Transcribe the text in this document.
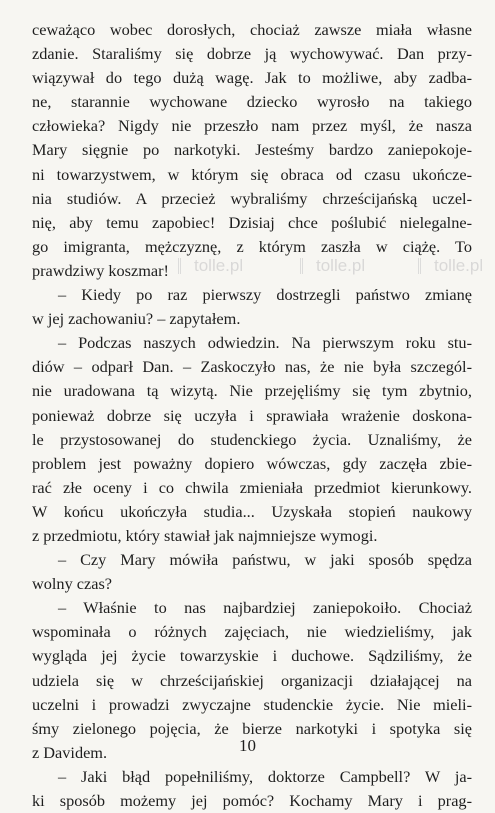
ceważąco wobec dorosłych, chociaż zawsze miała własne
zdanie. Staraliśmy się dobrze ją wychowywać. Dan przy-
wiązywał do tego dużą wagę. Jak to możliwe, aby zadba-
ne, starannie wychowane dziecko wyrosło na takiego
człowieka? Nigdy nie przeszło nam przez myśl, że nasza
Mary sięgnie po narkotyki. Jesteśmy bardzo zaniepokoje-
ni towarzystwem, w którym się obraca od czasu ukończe-
nia studiów. A przecież wybraliśmy chrześcijańską uczel-
nię, aby temu zapobiec! Dzisiaj chce poślubić nielegalne-
go imigranta, mężczyznę, z którym zaszła w ciążę. To
prawdziwy koszmar!
– Kiedy po raz pierwszy dostrzegli państwo zmianę
w jej zachowaniu? – zapytałem.
– Podczas naszych odwiedzin. Na pierwszym roku stu-
diów – odparł Dan. – Zaskoczyło nas, że nie była szczegól-
nie uradowana tą wizytą. Nie przejęliśmy się tym zbytnio,
ponieważ dobrze się uczyła i sprawiała wrażenie doskona-
le przystosowanej do studenckiego życia. Uznaliśmy, że
problem jest poważny dopiero wówczas, gdy zaczęła zbie-
rać złe oceny i co chwila zmieniała przedmiot kierunkowy.
W końcu ukończyła studia... Uzyskała stopień naukowy
z przedmiotu, który stawiał jak najmniejsze wymogi.
– Czy Mary mówiła państwu, w jaki sposób spędza
wolny czas?
– Właśnie to nas najbardziej zaniepokoiło. Chociaż
wspominała o różnych zajęciach, nie wiedzieliśmy, jak
wygląda jej życie towarzyskie i duchowe. Sądziliśmy, że
udziela się w chrześcijańskiej organizacji działającej na
uczelni i prowadzi zwyczajne studenckie życie. Nie mieli-
śmy zielonego pojęcia, że bierze narkotyki i spotyka się
z Davidem.
– Jaki błąd popełniliśmy, doktorze Campbell? W ja-
ki sposób możemy jej pomóc? Kochamy Mary i prag-
tolle.pl	tolle.pl	tolle.pl
10
